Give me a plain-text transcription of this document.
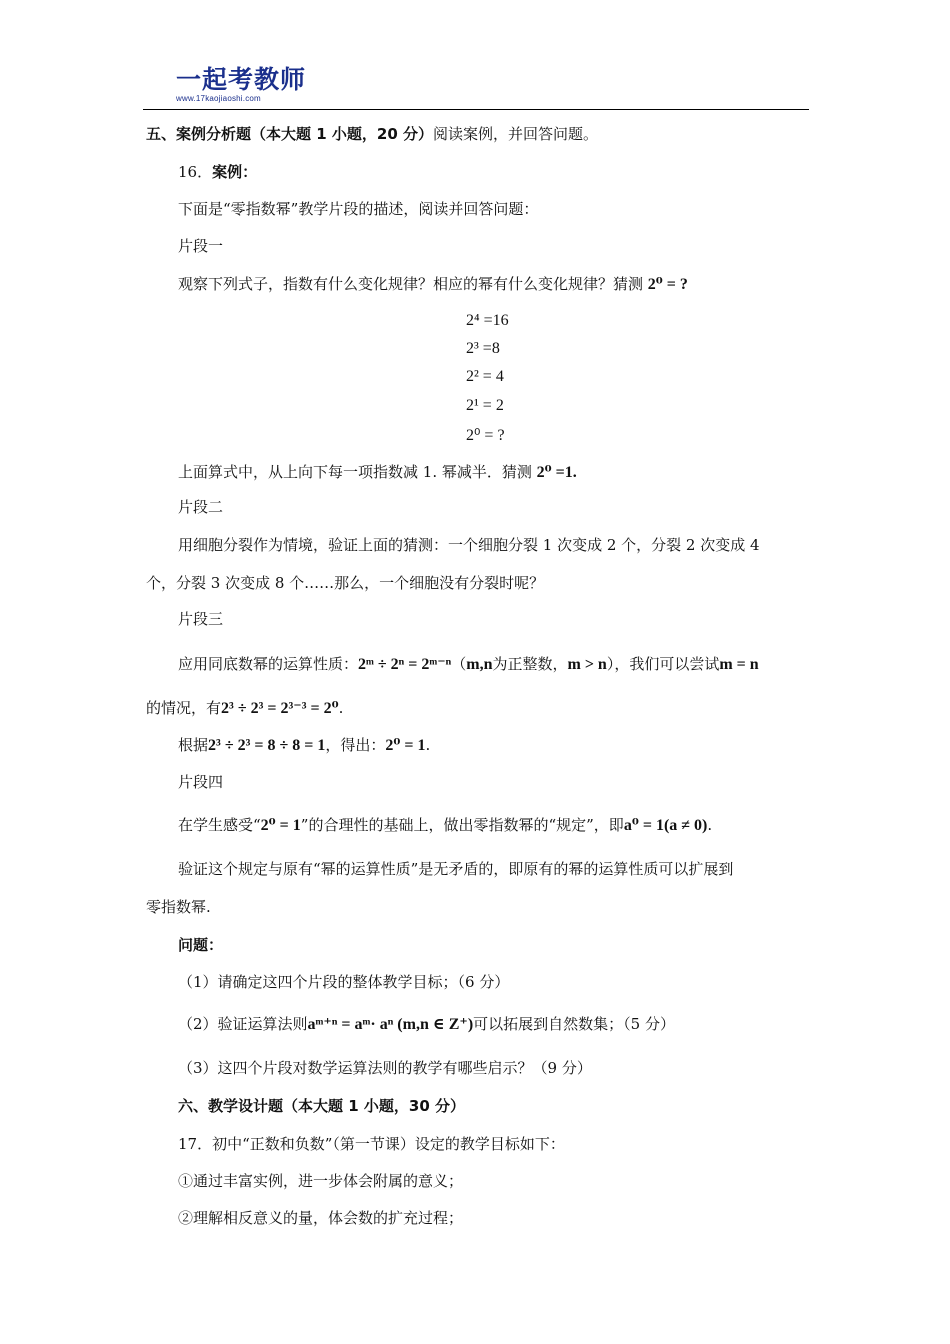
一起考教师
www.17kaojiaoshi.com
五、案例分析题（本大题 1 小题，20 分）阅读案例，并回答问题。
16．案例：
下面是“零指数幂”教学片段的描述，阅读并回答问题：
片段一
观察下列式子，指数有什么变化规律？相应的幂有什么变化规律？猜测 2⁰ = ?
2⁴ =16
2³ =8
2² = 4
2¹ = 2
2⁰ = ?
上面算式中，从上向下每一项指数减 1. 幂减半．猜测 2⁰ =1.
片段二
用细胞分裂作为情境，验证上面的猜测：一个细胞分裂 1 次变成 2 个，分裂 2 次变成 4
个，分裂 3 次变成 8 个……那么，一个细胞没有分裂时呢？
片段三
应用同底数幂的运算性质：2ᵐ ÷ 2ⁿ = 2ᵐ⁻ⁿ（m,n为正整数，m > n），我们可以尝试m = n
的情况，有2³ ÷ 2³ = 2³⁻³ = 2⁰.
根据2³ ÷ 2³ = 8 ÷ 8 = 1，得出：2⁰ = 1.
片段四
在学生感受“2⁰ = 1”的合理性的基础上，做出零指数幂的“规定”，即a⁰ = 1(a ≠ 0).
验证这个规定与原有“幂的运算性质”是无矛盾的，即原有的幂的运算性质可以扩展到
零指数幂.
问题：
（1）请确定这四个片段的整体教学目标；（6 分）
（2）验证运算法则aᵐ⁺ⁿ = aᵐ· aⁿ (m,n ∈ Z⁺)可以拓展到自然数集；（5 分）
（3）这四个片段对数学运算法则的教学有哪些启示？（9 分）
六、教学设计题（本大题 1 小题，30 分）
17．初中“正数和负数”（第一节课）设定的教学目标如下：
①通过丰富实例，进一步体会附属的意义；
②理解相反意义的量，体会数的扩充过程；
